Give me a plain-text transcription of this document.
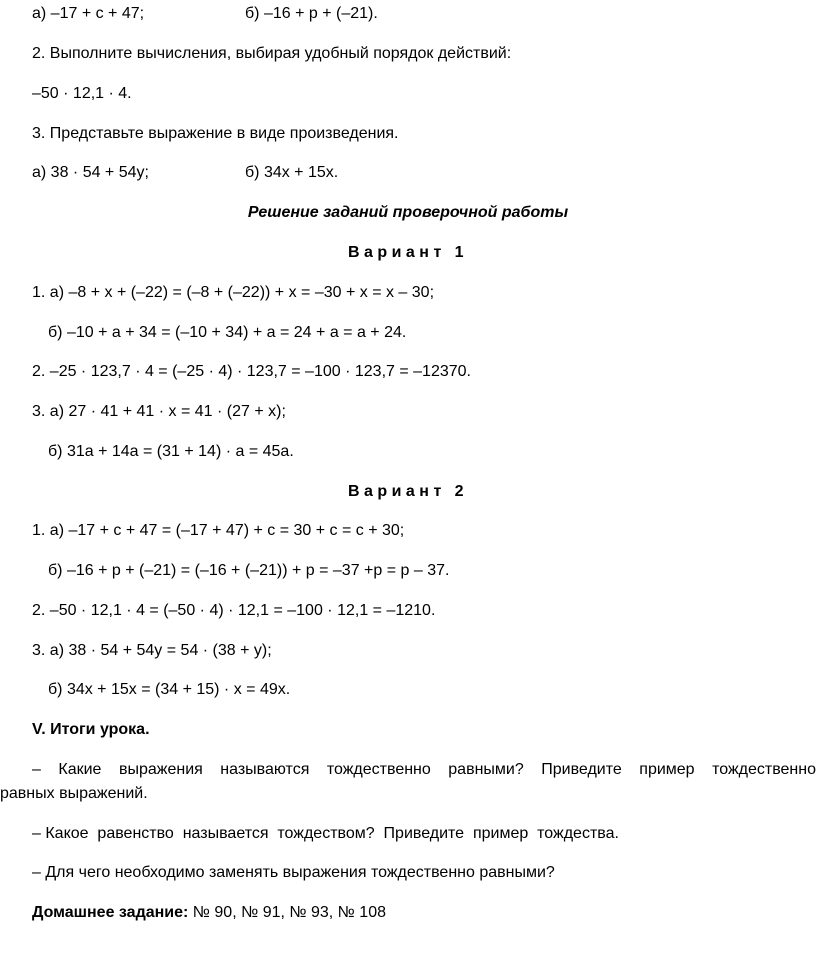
а) –17 + c + 47;	б) –16 + p + (–21).

2. Выполните вычисления, выбирая удобный порядок действий:

–50 · 12,1 · 4.

3. Представьте выражение в виде произведения.

а) 38 · 54 + 54y;	б) 34x + 15x.

Решение заданий проверочной работы

Вариант 1

1. а) –8 + x + (–22) = (–8 + (–22)) + x = –30 + x = x – 30;

б) –10 + a + 34 = (–10 + 34) + a = 24 + a = a + 24.

2. –25 · 123,7 · 4 = (–25 · 4) · 123,7 = –100 · 123,7 = –12370.

3. а) 27 · 41 + 41 · x = 41 · (27 + x);

б) 31a + 14a = (31 + 14) · a = 45a.

Вариант 2

1. а) –17 + c + 47 = (–17 + 47) + c = 30 + c = c + 30;

б) –16 + p + (–21) = (–16 + (–21)) + p = –37 +p = p – 37.

2. –50 · 12,1 · 4 = (–50 · 4) · 12,1 = –100 · 12,1 = –1210.

3. а) 38 · 54 + 54y = 54 · (38 + y);

б) 34x + 15x = (34 + 15) · x = 49x.

V. Итоги урока.

– Какие выражения называются тождественно равными? Приведите пример тождественно

равных выражений.

– Какое  равенство  называется  тождеством?  Приведите  пример  тождества.

– Для чего необходимо заменять выражения тождественно равными?

Домашнее задание: № 90, № 91, № 93, № 108
